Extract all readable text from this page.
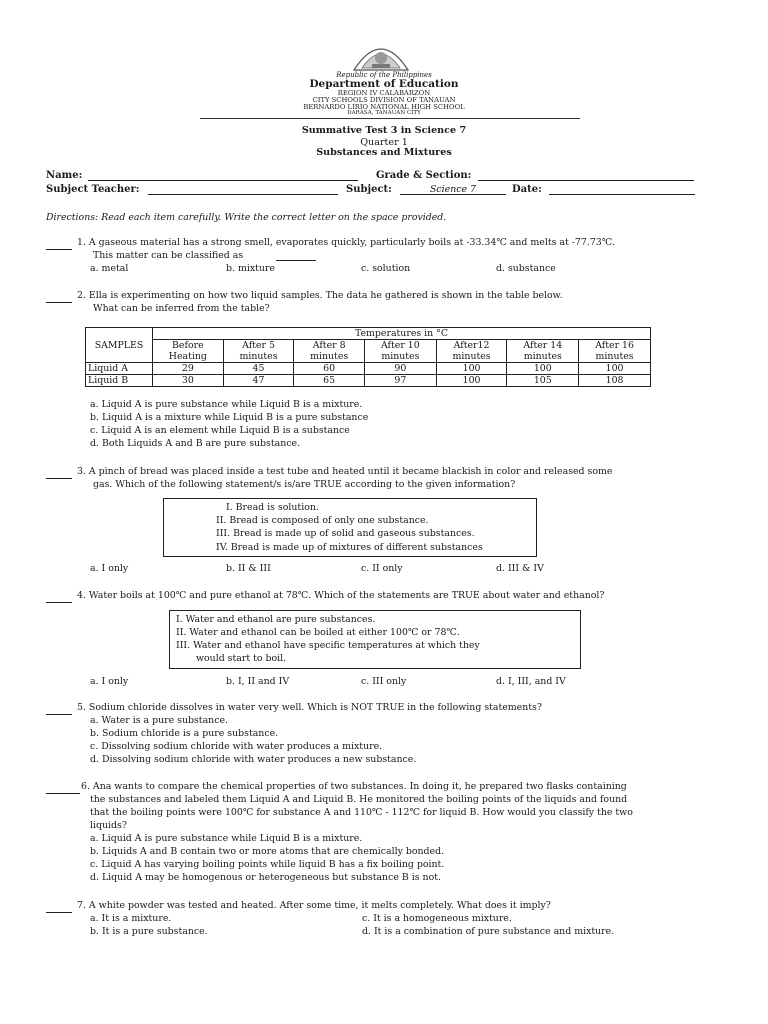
Republic of the Philippines
Department of Education
REGION IV CALABARZON
CITY SCHOOLS DIVISION OF TANAUAN
BERNARDO LIRIO NATIONAL HIGH SCHOOL
DARASA, TANAUAN CITY
Summative Test 3 in Science 7
Quarter 1
Substances and Mixtures
Name:	Grade & Section:
Subject Teacher:	Subject:	Science 7	Date:
Directions: Read each item carefully. Write the correct letter on the space provided.
1. A gaseous material has a strong smell, evaporates quickly, particularly boils at -33.34℃ and melts at -77.73℃.
This matter can be classified as
a. metal	b. mixture	c. solution	d. substance
2. Ella is experimenting on how two liquid samples. The data he gathered is shown in the table below.
What can be inferred from the table?
SAMPLES	Temperatures in °C						
	Before	After 5	After 8	After 10	After12	After 14	After 16
	Heating	minutes	minutes	minutes	minutes	minutes	minutes
Liquid A	29	45	60	90	100	100	100
Liquid B	30	47	65	97	100	105	108
a. Liquid A is pure substance while Liquid B is a mixture.
b. Liquid A is a mixture while Liquid B is a pure substance
c. Liquid A is an element while Liquid B is a substance
d. Both Liquids A and B are pure substance.
3. A pinch of bread was placed inside a test tube and heated until it became blackish in color and released some
gas. Which of the following statement/s is/are TRUE according to the given information?
I. Bread is solution.
II. Bread is composed of only one substance.
III. Bread is made up of solid and gaseous substances.
IV. Bread is made up of mixtures of different substances
a. I only	b. II & III	c. II only	d. III & IV
4. Water boils at 100℃ and pure ethanol at 78℃. Which of the statements are TRUE about water and ethanol?
I. Water and ethanol are pure substances.
II. Water and ethanol can be boiled at either 100℃ or 78℃.
III. Water and ethanol have specific temperatures at which they
would start to boil.
a. I only	b. I, II and IV	c. III only	d. I, III, and IV
5. Sodium chloride dissolves in water very well. Which is NOT TRUE in the following statements?
a. Water is a pure substance.
b. Sodium chloride is a pure substance.
c. Dissolving sodium chloride with water produces a mixture.
d. Dissolving sodium chloride with water produces a new substance.
6. Ana wants to compare the chemical properties of two substances. In doing it, he prepared two flasks containing
the substances and labeled them Liquid A and Liquid B. He monitored the boiling points of the liquids and found
that the boiling points were 100℃ for substance A and 110℃ - 112℃ for liquid B. How would you classify the two
liquids?
a. Liquid A is pure substance while Liquid B is a mixture.
b. Liquids A and B contain two or more atoms that are chemically bonded.
c. Liquid A has varying boiling points while liquid B has a fix boiling point.
d. Liquid A may be homogenous or heterogeneous but substance B is not.
7. A white powder was tested and heated. After some time, it melts completely. What does it imply?
a. It is a mixture.	c. It is a homogeneous mixture.
b. It is a pure substance.	d. It is a combination of pure substance and mixture.
